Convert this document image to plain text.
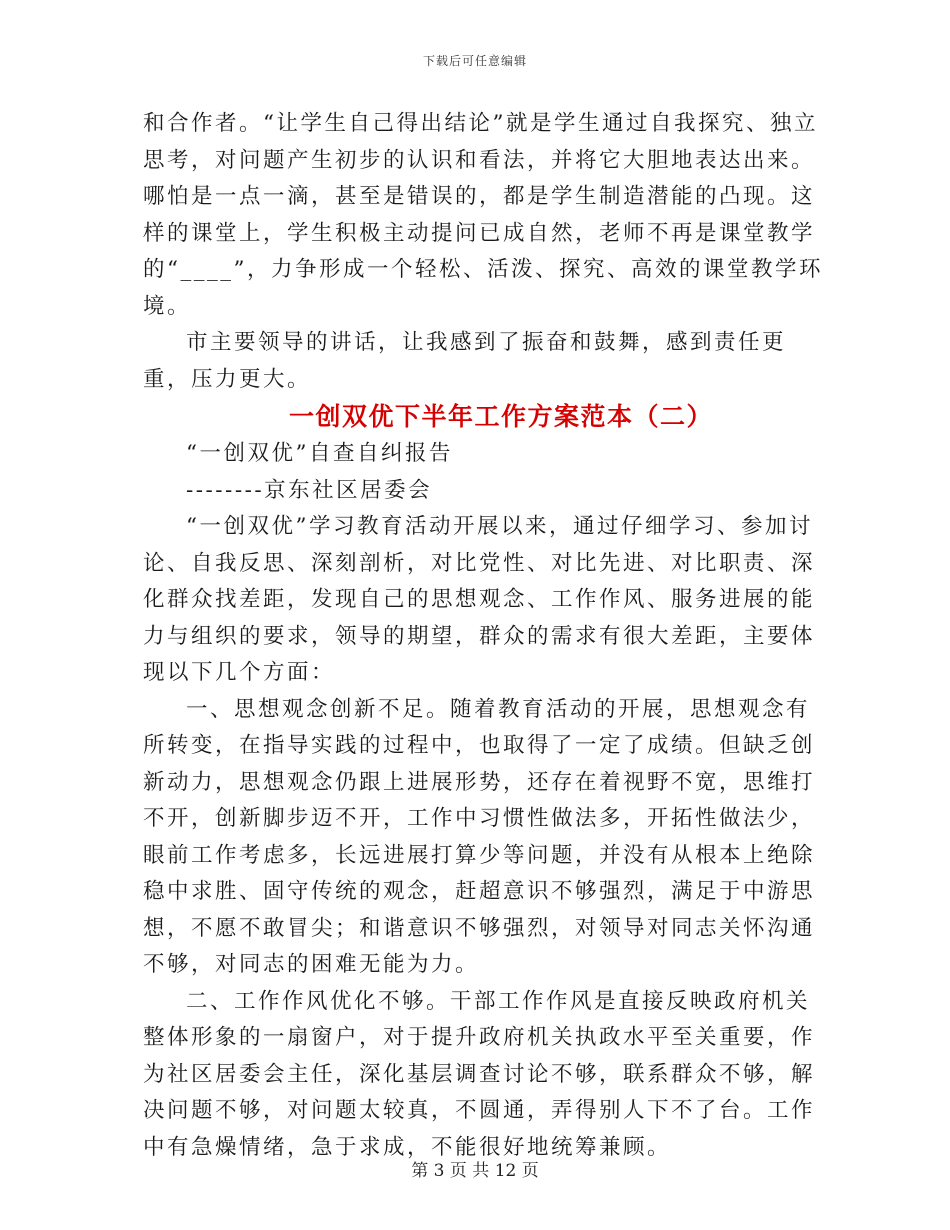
下载后可任意编辑

和合作者。“让学生自己得出结论”就是学生通过自我探究、独立思考，对问题产生初步的认识和看法，并将它大胆地表达出来。哪怕是一点一滴，甚至是错误的，都是学生制造潜能的凸现。这样的课堂上，学生积极主动提问已成自然，老师不再是课堂教学的“____”，力争形成一个轻松、活泼、探究、高效的课堂教学环境。

市主要领导的讲话，让我感到了振奋和鼓舞，感到责任更重，压力更大。

一创双优下半年工作方案范本（二）

“一创双优”自查自纠报告

--------京东社区居委会

“一创双优”学习教育活动开展以来，通过仔细学习、参加讨论、自我反思、深刻剖析，对比党性、对比先进、对比职责、深化群众找差距，发现自己的思想观念、工作作风、服务进展的能力与组织的要求，领导的期望，群众的需求有很大差距，主要体现以下几个方面：

一、思想观念创新不足。随着教育活动的开展，思想观念有所转变，在指导实践的过程中，也取得了一定了成绩。但缺乏创新动力，思想观念仍跟上进展形势，还存在着视野不宽，思维打不开，创新脚步迈不开，工作中习惯性做法多，开拓性做法少，眼前工作考虑多，长远进展打算少等问题，并没有从根本上绝除稳中求胜、固守传统的观念，赶超意识不够强烈，满足于中游思想，不愿不敢冒尖；和谐意识不够强烈，对领导对同志关怀沟通不够，对同志的困难无能为力。

二、工作作风优化不够。干部工作作风是直接反映政府机关整体形象的一扇窗户，对于提升政府机关执政水平至关重要，作为社区居委会主任，深化基层调查讨论不够，联系群众不够，解决问题不够，对问题太较真，不圆通，弄得别人下不了台。工作中有急燥情绪，急于求成，不能很好地统筹兼顾。

第 3 页 共 12 页
